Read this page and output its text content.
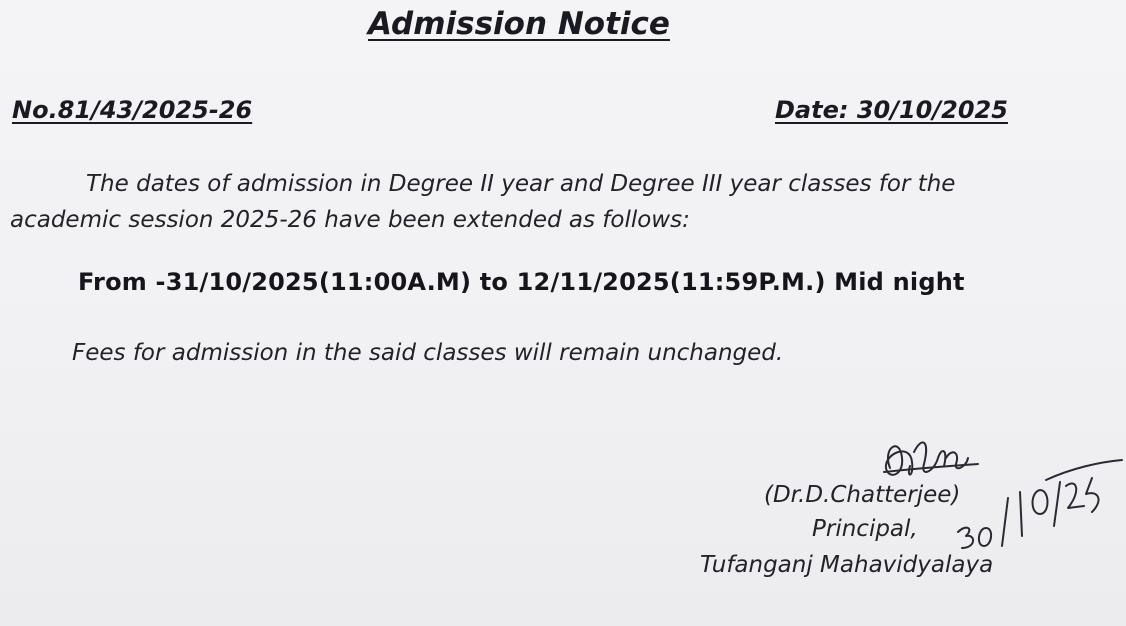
Admission Notice
No.81/43/2025-26	Date: 30/10/2025

The dates of admission in Degree II year and Degree III year classes for the academic session 2025-26 have been extended as follows:

From -31/10/2025(11:00A.M) to 12/11/2025(11:59P.M.) Mid night

Fees for admission in the said classes will remain unchanged.

(Dr.D.Chatterjee)
Principal,
Tufanganj Mahavidyalaya
